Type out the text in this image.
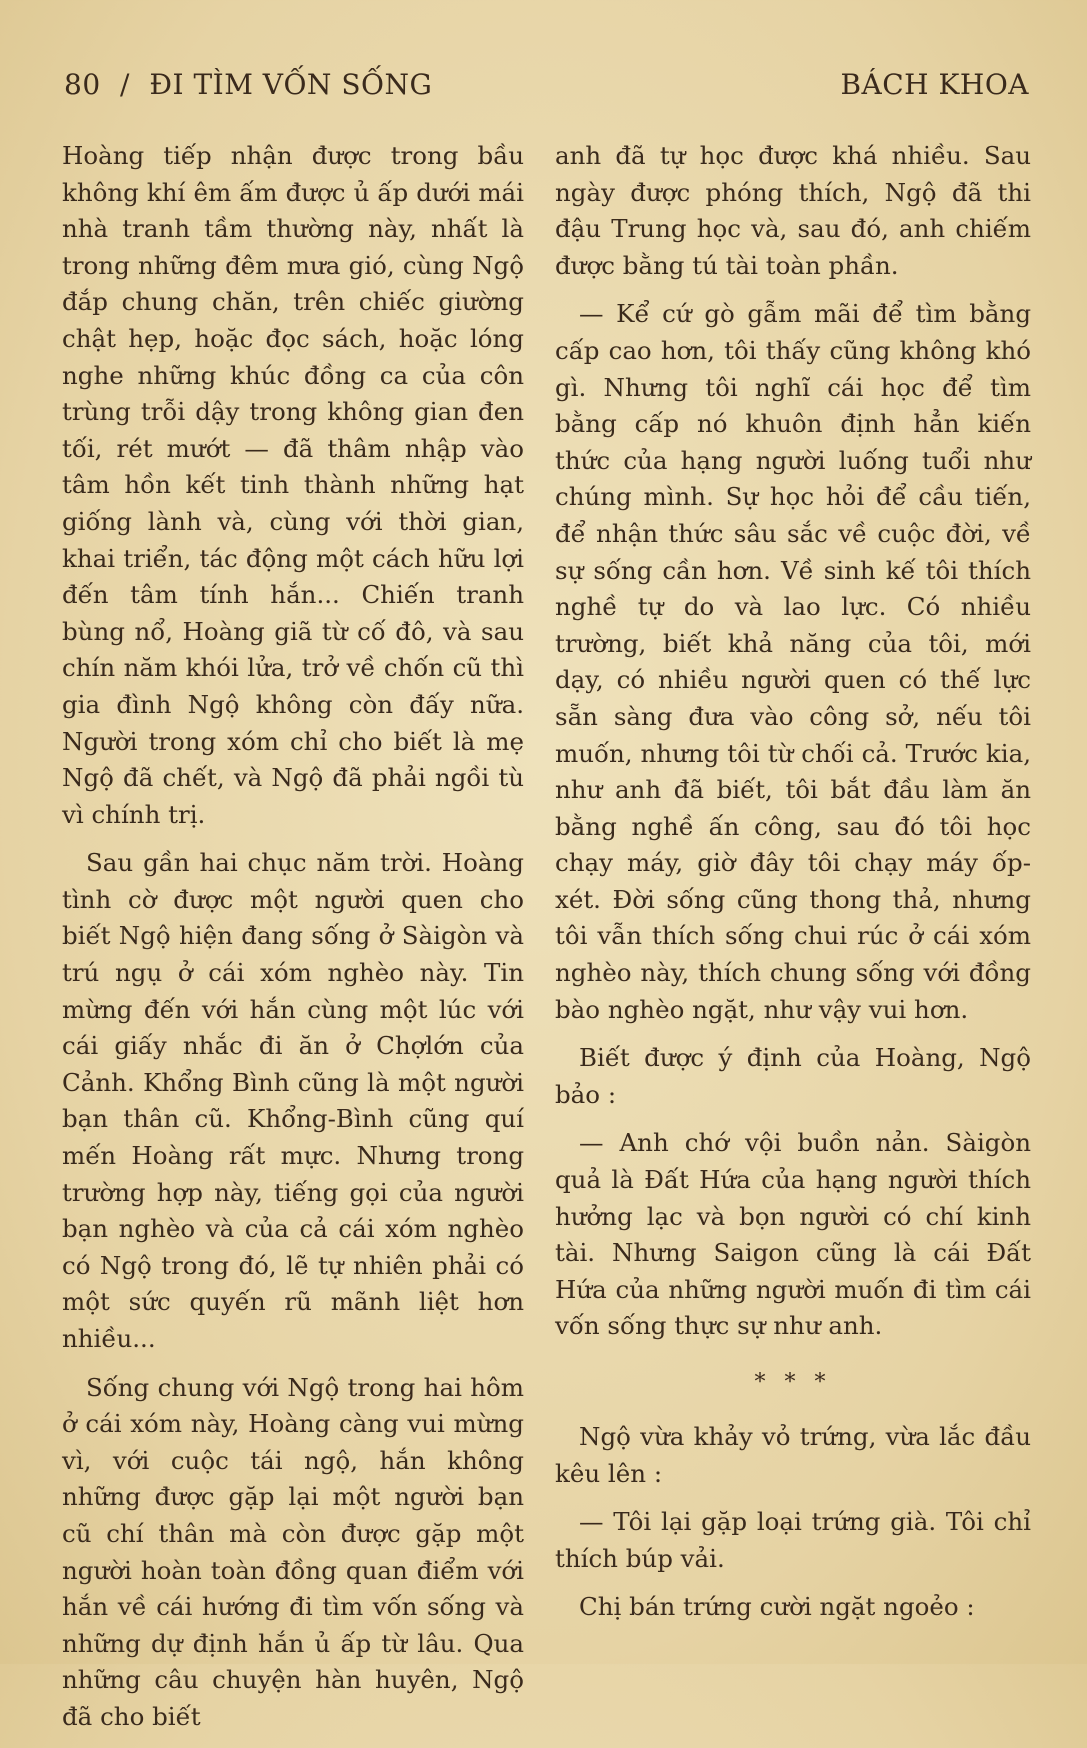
80 / ĐI TÌM VỐN SỐNG	BÁCH KHOA

Hoàng tiếp nhận được trong bầu không khí êm ấm được ủ ấp dưới mái nhà tranh tầm thường này, nhất là trong những đêm mưa gió, cùng Ngộ đắp chung chăn, trên chiếc giường chật hẹp, hoặc đọc sách, hoặc lóng nghe những khúc đồng ca của côn trùng trỗi dậy trong không gian đen tối, rét mướt — đã thâm nhập vào tâm hồn kết tinh thành những hạt giống lành và, cùng với thời gian, khai triển, tác động một cách hữu lợi đến tâm tính hắn... Chiến tranh bùng nổ, Hoàng giã từ cố đô, và sau chín năm khói lửa, trở về chốn cũ thì gia đình Ngộ không còn đấy nữa. Người trong xóm chỉ cho biết là mẹ Ngộ đã chết, và Ngộ đã phải ngồi tù vì chính trị.

Sau gần hai chục năm trời. Hoàng tình cờ được một người quen cho biết Ngộ hiện đang sống ở Sàigòn và trú ngụ ở cái xóm nghèo này. Tin mừng đến với hắn cùng một lúc với cái giấy nhắc đi ăn ở Chợlớn của Cảnh. Khổng Bình cũng là một người bạn thân cũ. Khổng-Bình cũng quí mến Hoàng rất mực. Nhưng trong trường hợp này, tiếng gọi của người bạn nghèo và của cả cái xóm nghèo có Ngộ trong đó, lẽ tự nhiên phải có một sức quyến rũ mãnh liệt hơn nhiều...

Sống chung với Ngộ trong hai hôm ở cái xóm này, Hoàng càng vui mừng vì, với cuộc tái ngộ, hắn không những được gặp lại một người bạn cũ chí thân mà còn được gặp một người hoàn toàn đồng quan điểm với hắn về cái hướng đi tìm vốn sống và những dự định hắn ủ ấp từ lâu. Qua những câu chuyện hàn huyên, Ngộ đã cho biết

anh đã tự học được khá nhiều. Sau ngày được phóng thích, Ngộ đã thi đậu Trung học và, sau đó, anh chiếm được bằng tú tài toàn phần.

— Kể cứ gò gẫm mãi để tìm bằng cấp cao hơn, tôi thấy cũng không khó gì. Nhưng tôi nghĩ cái học để tìm bằng cấp nó khuôn định hẳn kiến thức của hạng người luống tuổi như chúng mình. Sự học hỏi để cầu tiến, để nhận thức sâu sắc về cuộc đời, về sự sống cần hơn. Về sinh kế tôi thích nghề tự do và lao lực. Có nhiều trường, biết khả năng của tôi, mới dạy, có nhiều người quen có thế lực sẵn sàng đưa vào công sở, nếu tôi muốn, nhưng tôi từ chối cả. Trước kia, như anh đã biết, tôi bắt đầu làm ăn bằng nghề ấn công, sau đó tôi học chạy máy, giờ đây tôi chạy máy ốp-xét. Đời sống cũng thong thả, nhưng tôi vẫn thích sống chui rúc ở cái xóm nghèo này, thích chung sống với đồng bào nghèo ngặt, như vậy vui hơn.

Biết được ý định của Hoàng, Ngộ bảo :

— Anh chớ vội buồn nản. Sàigòn quả là Đất Hứa của hạng người thích hưởng lạc và bọn người có chí kinh tài. Nhưng Saigon cũng là cái Đất Hứa của những người muốn đi tìm cái vốn sống thực sự như anh.

* * *

Ngộ vừa khảy vỏ trứng, vừa lắc đầu kêu lên :

— Tôi lại gặp loại trứng già. Tôi chỉ thích búp vải.

Chị bán trứng cười ngặt ngoẻo :
